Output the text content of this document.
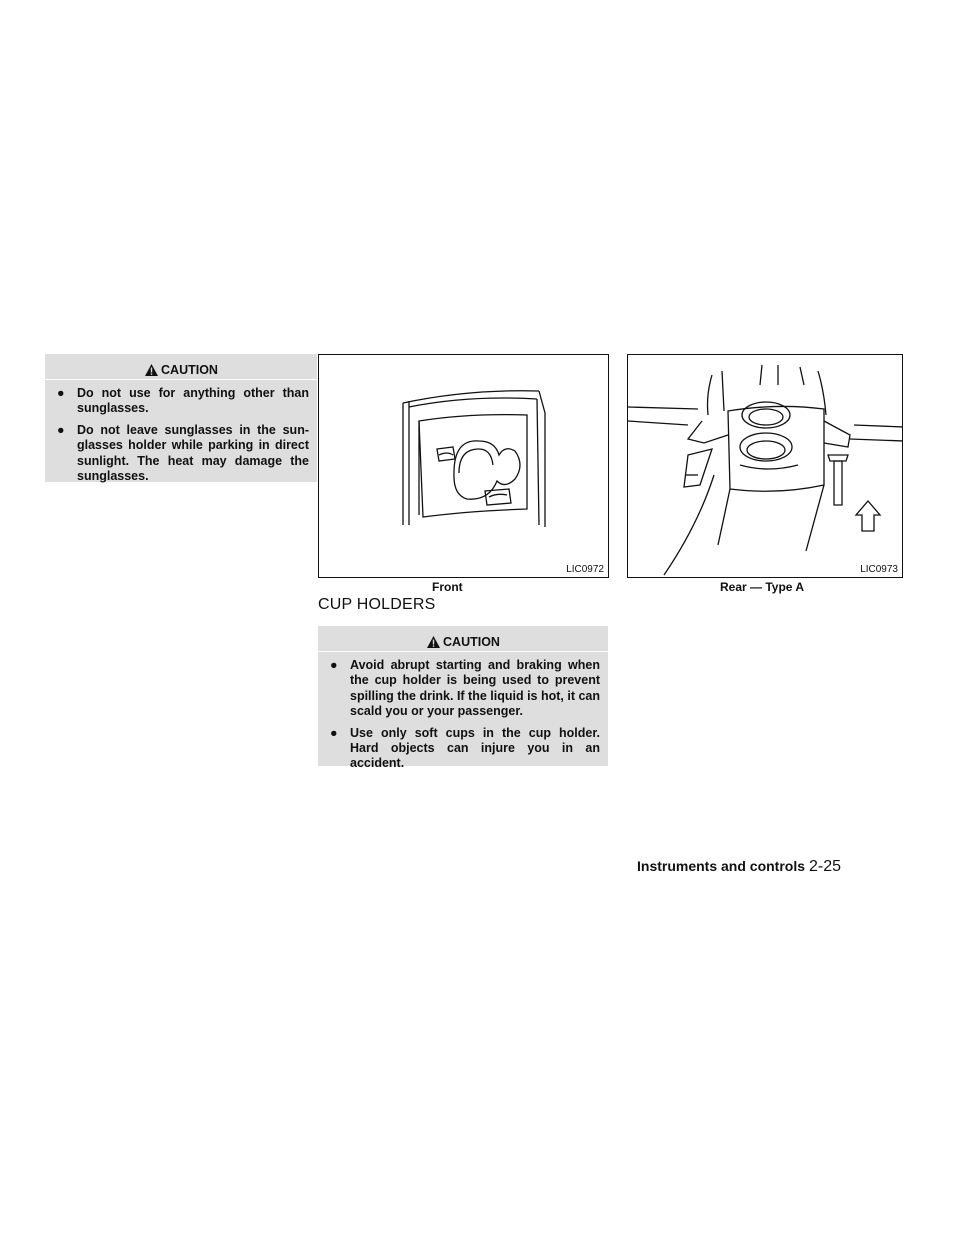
CAUTION
● Do not use for anything other than sunglasses.
● Do not leave sunglasses in the sun-glasses holder while parking in direct sunlight. The heat may damage the sunglasses.
LIC0972
Front
LIC0973
Rear — Type A
CUP HOLDERS
CAUTION
● Avoid abrupt starting and braking when the cup holder is being used to prevent spilling the drink. If the liquid is hot, it can scald you or your passenger.
● Use only soft cups in the cup holder. Hard objects can injure you in an accident.
Instruments and controls 2-25
